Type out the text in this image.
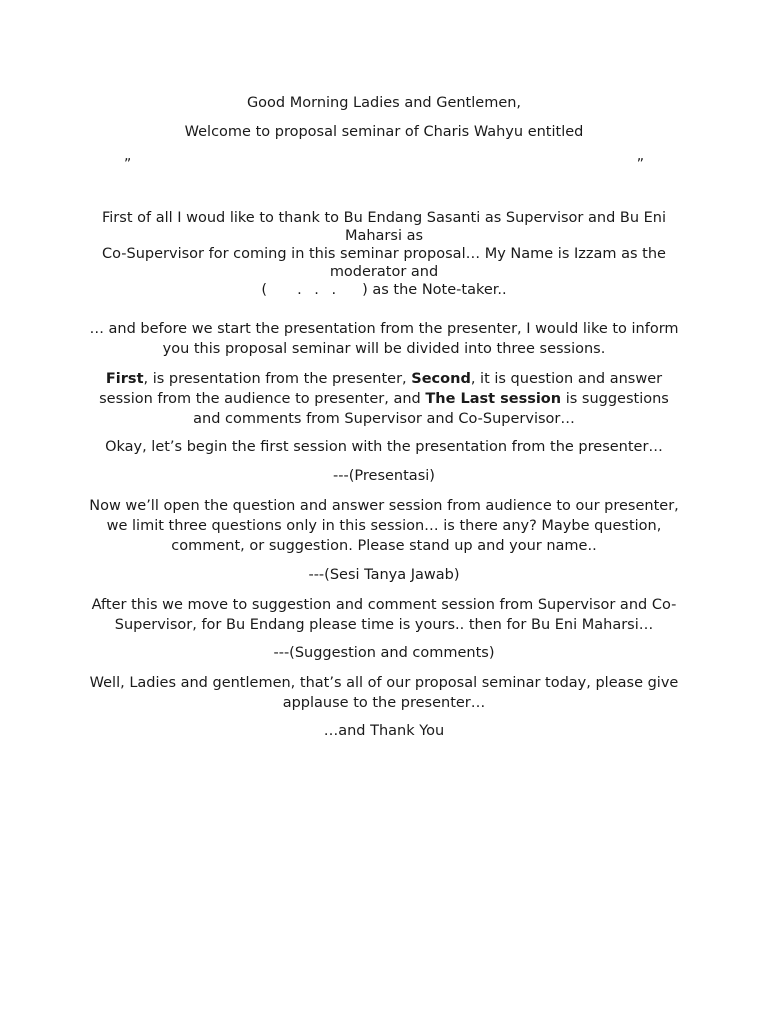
Good Morning Ladies and Gentlemen,

Welcome to proposal seminar of Charis Wahyu entitled

„	„
First of all I woud like to thank to Bu Endang Sasanti as Supervisor and Bu Eni
Maharsi as
Co-Supervisor for coming in this seminar proposal… My Name is Izzam as the
moderator and
( . . . ) as the Note-taker..

… and before we start the presentation from the presenter, I would like to inform you this proposal seminar will be divided into three sessions.

First, is presentation from the presenter, Second, it is question and answer session from the audience to presenter, and The Last session is suggestions and comments from Supervisor and Co-Supervisor…

Okay, let’s begin the first session with the presentation from the presenter…

---(Presentasi)

Now we’ll open the question and answer session from audience to our presenter, we limit three questions only in this session… is there any? Maybe question, comment, or suggestion. Please stand up and your name..

---(Sesi Tanya Jawab)

After this we move to suggestion and comment session from Supervisor and Co-Supervisor, for Bu Endang please time is yours.. then for Bu Eni Maharsi…

---(Suggestion and comments)

Well, Ladies and gentlemen, that’s all of our proposal seminar today, please give applause to the presenter…

…and Thank You
